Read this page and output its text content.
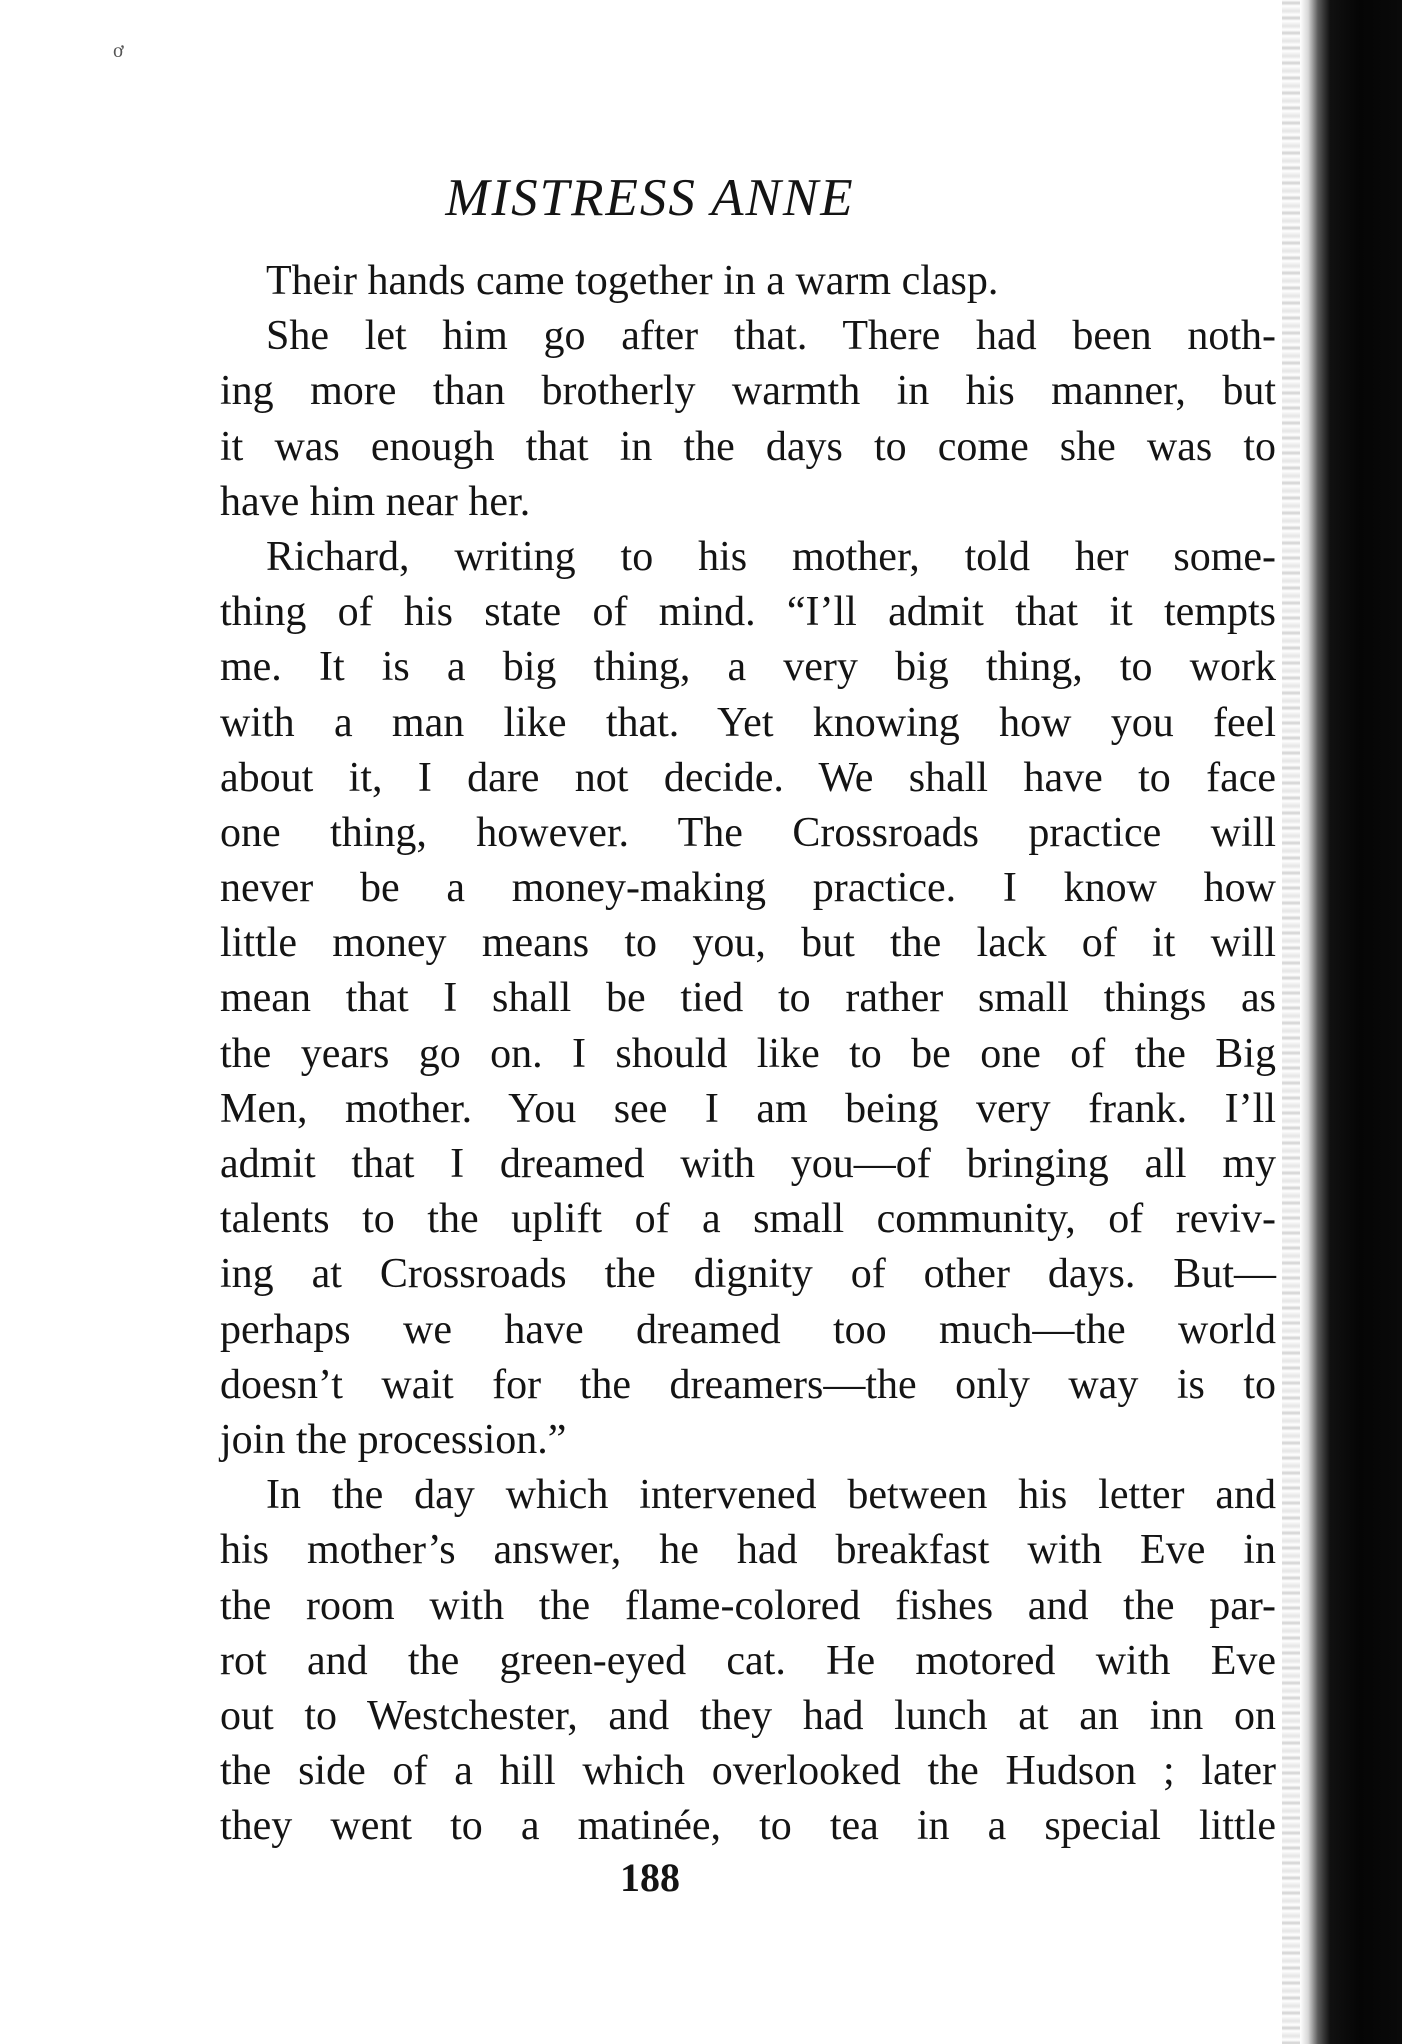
ơ
MISTRESS ANNE
Their hands came together in a warm clasp.
She let him go after that. There had been noth-
ing more than brotherly warmth in his manner, but
it was enough that in the days to come she was to
have him near her.
Richard, writing to his mother, told her some-
thing of his state of mind. “I’ll admit that it tempts
me. It is a big thing, a very big thing, to work
with a man like that. Yet knowing how you feel
about it, I dare not decide. We shall have to face
one thing, however. The Crossroads practice will
never be a money-making practice. I know how
little money means to you, but the lack of it will
mean that I shall be tied to rather small things as
the years go on. I should like to be one of the Big
Men, mother. You see I am being very frank. I’ll
admit that I dreamed with you—of bringing all my
talents to the uplift of a small community, of reviv-
ing at Crossroads the dignity of other days. But—
perhaps we have dreamed too much—the world
doesn’t wait for the dreamers—the only way is to
join the procession.”
In the day which intervened between his letter and
his mother’s answer, he had breakfast with Eve in
the room with the flame-colored fishes and the par-
rot and the green-eyed cat. He motored with Eve
out to Westchester, and they had lunch at an inn on
the side of a hill which overlooked the Hudson ; later
they went to a matinée, to tea in a special little
188
